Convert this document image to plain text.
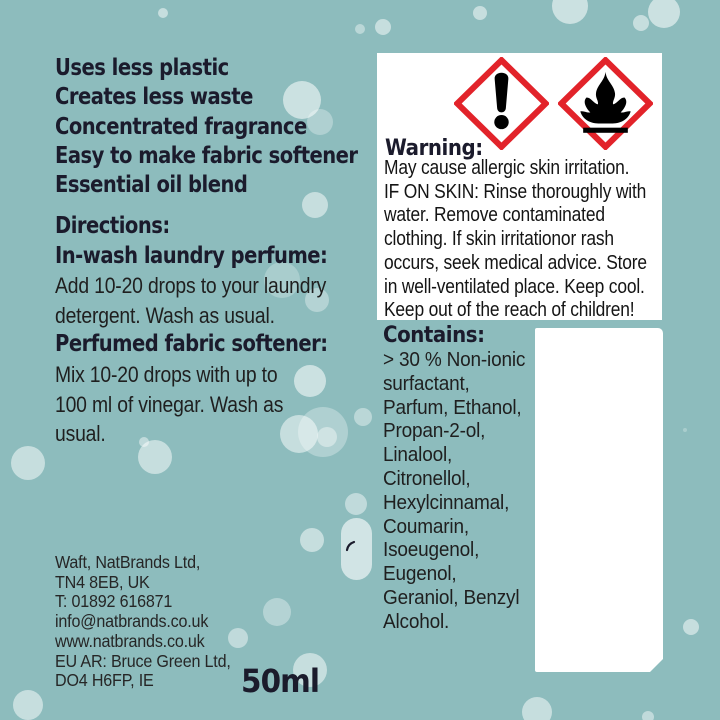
Uses less plastic
Creates less waste
Concentrated fragrance
Easy to make fabric softener
Essential oil blend
Directions:
In-wash laundry perfume:
Add 10-20 drops to your laundry
detergent. Wash as usual.
Perfumed fabric softener:
Mix 10-20 drops with up to
100 ml of vinegar. Wash as
usual.
Warning:
May cause allergic skin irritation.
IF ON SKIN: Rinse thoroughly with
water. Remove contaminated
clothing. If skin irritationor rash
occurs, seek medical advice. Store
in well-ventilated place. Keep cool.
Keep out of the reach of children!
Contains:
> 30 % Non-ionic
surfactant,
Parfum, Ethanol,
Propan-2-ol,
Linalool,
Citronellol,
Hexylcinnamal,
Coumarin,
Isoeugenol,
Eugenol,
Geraniol, Benzyl
Alcohol.
Waft, NatBrands Ltd,
TN4 8EB, UK
T: 01892 616871
info@natbrands.co.uk
www.natbrands.co.uk
EU AR: Bruce Green Ltd,
DO4 H6FP, IE	50ml
